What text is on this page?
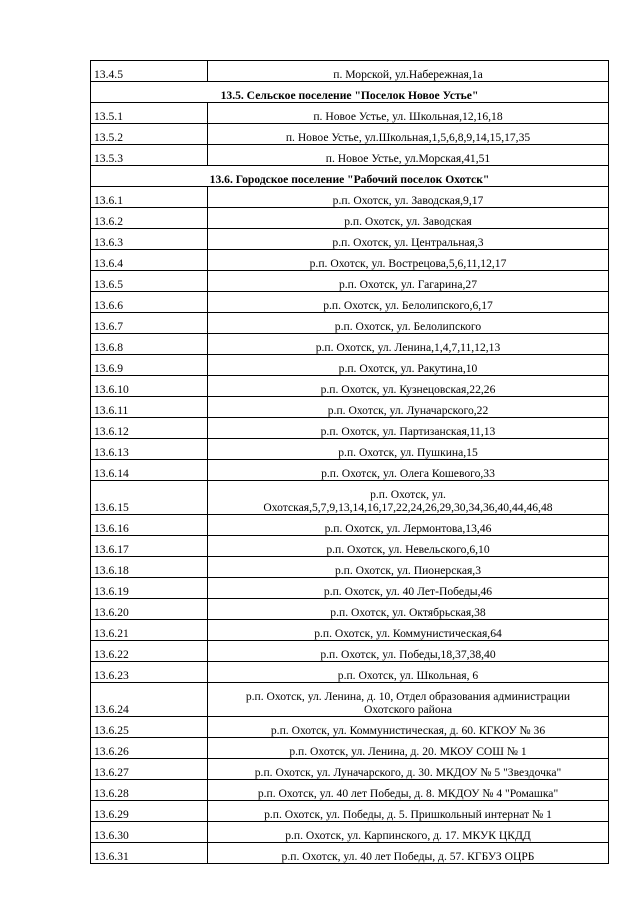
13.4.5	п. Морской, ул.Набережная,1а
13.5. Сельское поселение "Поселок Новое Устье"	
13.5.1	п. Новое Устье, ул. Школьная,12,16,18
13.5.2	п. Новое Устье, ул.Школьная,1,5,6,8,9,14,15,17,35
13.5.3	п. Новое Устье, ул.Морская,41,51
13.6. Городское поселение "Рабочий поселок Охотск"	
13.6.1	р.п. Охотск, ул. Заводская,9,17
13.6.2	р.п. Охотск, ул. Заводская
13.6.3	р.п. Охотск, ул. Центральная,3
13.6.4	р.п. Охотск, ул. Вострецова,5,6,11,12,17
13.6.5	р.п. Охотск, ул. Гагарина,27
13.6.6	р.п. Охотск, ул. Белолипского,6,17
13.6.7	р.п. Охотск, ул. Белолипского
13.6.8	р.п. Охотск, ул. Ленина,1,4,7,11,12,13
13.6.9	р.п. Охотск, ул. Ракутина,10
13.6.10	р.п. Охотск, ул. Кузнецовская,22,26
13.6.11	р.п. Охотск, ул. Луначарского,22
13.6.12	р.п. Охотск, ул. Партизанская,11,13
13.6.13	р.п. Охотск, ул. Пушкина,15
13.6.14	р.п. Охотск, ул. Олега Кошевого,33
13.6.15	р.п. Охотск, ул.
Охотская,5,7,9,13,14,16,17,22,24,26,29,30,34,36,40,44,46,48

13.6.16	р.п. Охотск, ул. Лермонтова,13,46
13.6.17	р.п. Охотск, ул. Невельского,6,10
13.6.18	р.п. Охотск, ул. Пионерская,3
13.6.19	р.п. Охотск, ул. 40 Лет-Победы,46
13.6.20	р.п. Охотск, ул. Октябрьская,38
13.6.21	р.п. Охотск, ул. Коммунистическая,64
13.6.22	р.п. Охотск, ул. Победы,18,37,38,40
13.6.23	р.п. Охотск, ул. Школьная, 6
13.6.24	р.п. Охотск, ул. Ленина, д. 10, Отдел образования администрации
Охотского района

13.6.25	р.п. Охотск, ул. Коммунистическая, д. 60. КГКОУ № 36
13.6.26	р.п. Охотск, ул. Ленина, д. 20. МКОУ СОШ № 1
13.6.27	р.п. Охотск, ул. Луначарского, д. 30. МКДОУ № 5 "Звездочка"
13.6.28	р.п. Охотск, ул. 40 лет Победы, д. 8. МКДОУ № 4 "Ромашка"
13.6.29	р.п. Охотск, ул. Победы, д. 5. Пришкольный интернат № 1
13.6.30	р.п. Охотск, ул. Карпинского, д. 17. МКУК ЦКДД
13.6.31	р.п. Охотск, ул. 40 лет Победы, д. 57. КГБУЗ ОЦРБ
